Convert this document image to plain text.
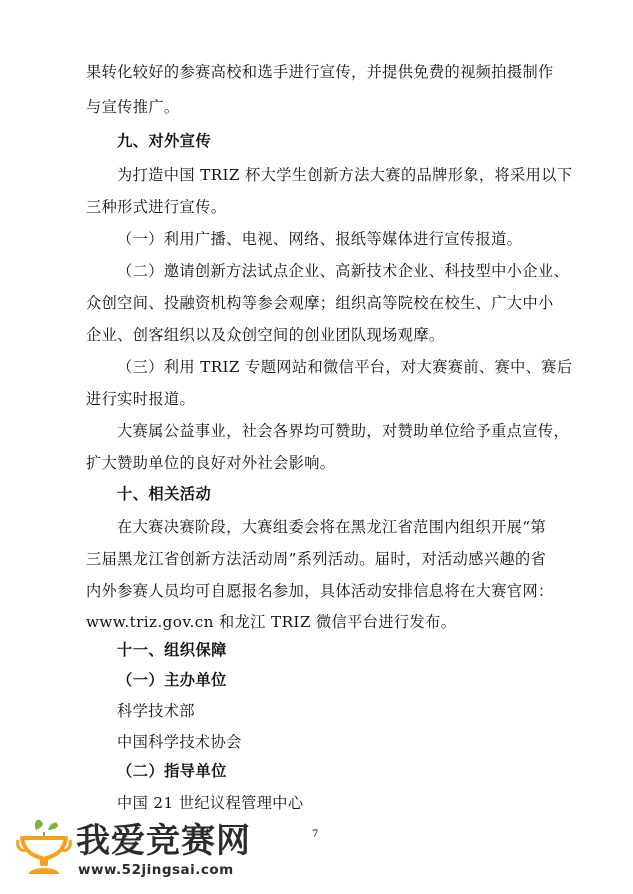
果转化较好的参赛高校和选手进行宣传，并提供免费的视频拍摄制作
与宣传推广。
九、对外宣传
为打造中国 TRIZ 杯大学生创新方法大赛的品牌形象，将采用以下
三种形式进行宣传。
（一）利用广播、电视、网络、报纸等媒体进行宣传报道。
（二）邀请创新方法试点企业、高新技术企业、科技型中小企业、
众创空间、投融资机构等参会观摩；组织高等院校在校生、广大中小
企业、创客组织以及众创空间的创业团队现场观摩。
（三）利用 TRIZ 专题网站和微信平台，对大赛赛前、赛中、赛后
进行实时报道。
大赛属公益事业，社会各界均可赞助，对赞助单位给予重点宣传，
扩大赞助单位的良好对外社会影响。
十、相关活动
在大赛决赛阶段，大赛组委会将在黑龙江省范围内组织开展“第
三届黑龙江省创新方法活动周”系列活动。届时，对活动感兴趣的省
内外参赛人员均可自愿报名参加，具体活动安排信息将在大赛官网：
www.triz.gov.cn 和龙江 TRIZ 微信平台进行发布。
十一、组织保障
（一）主办单位
科学技术部
中国科学技术协会
（二）指导单位
中国 21 世纪议程管理中心
7
我爱竞赛网
www.52jingsai.com
